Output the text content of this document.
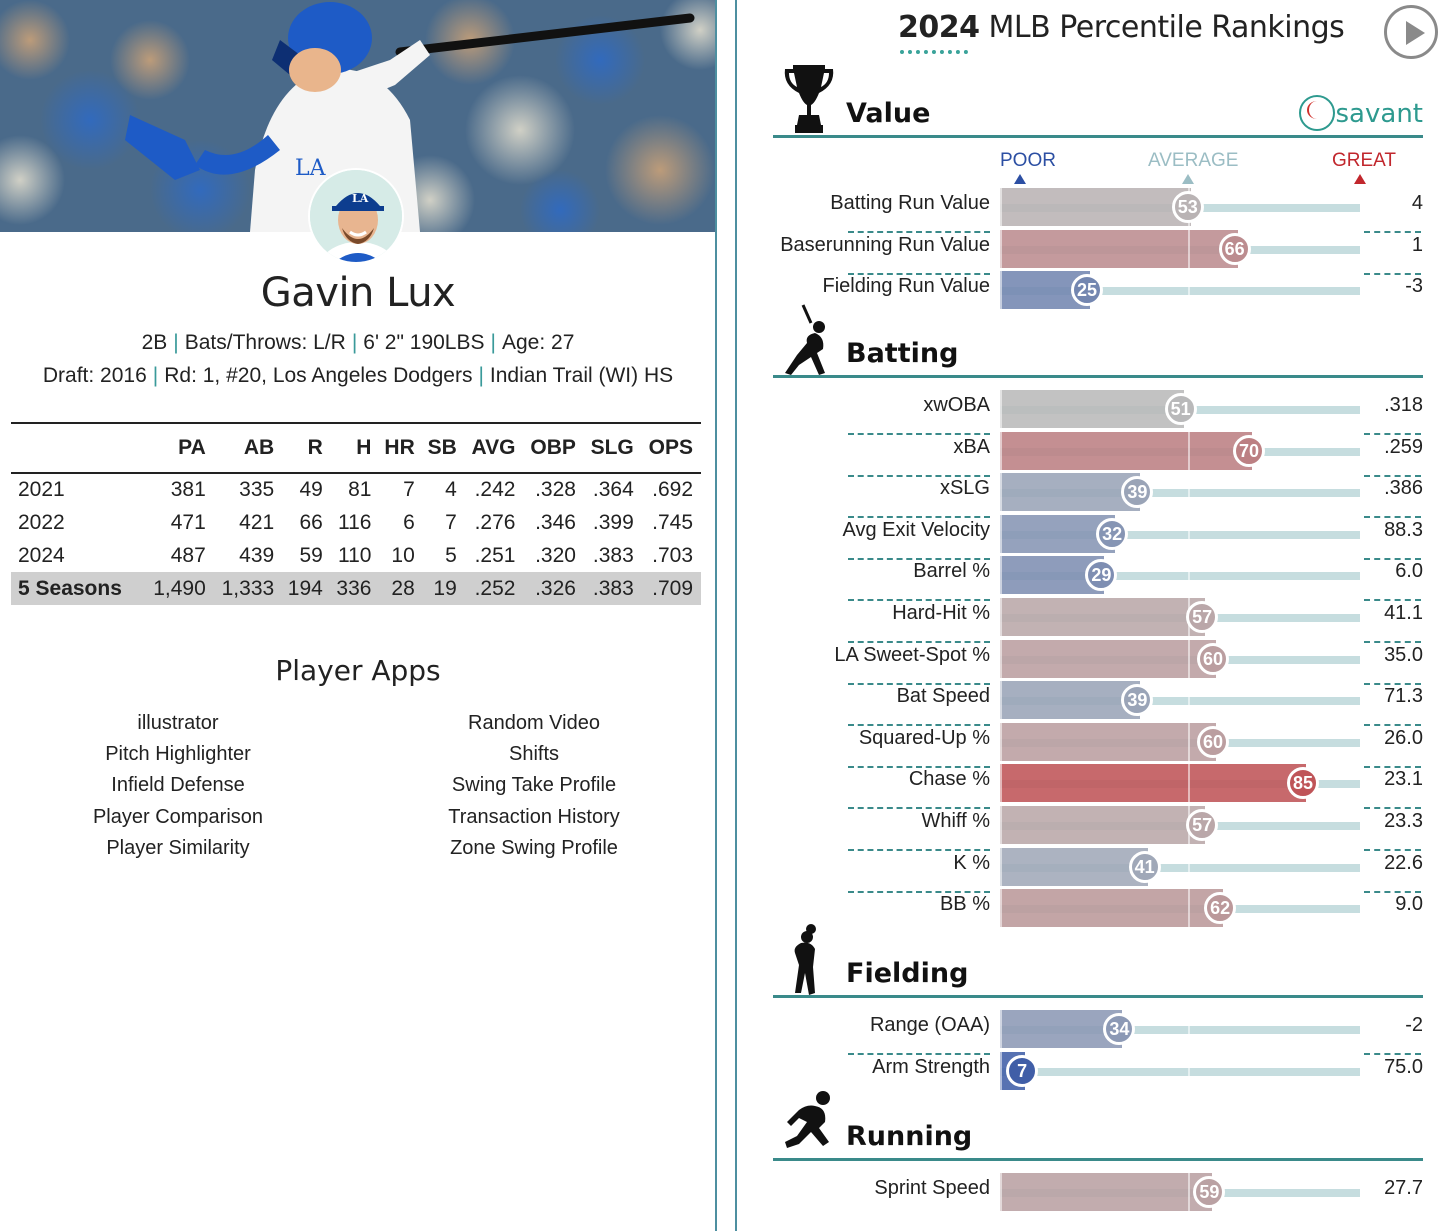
LA
LA
Gavin Lux
2B | Bats/Throws: L/R | 6' 2" 190LBS | Age: 27
Draft: 2016 | Rd: 1, #20, Los Angeles Dodgers | Indian Trail (WI) HS
	PA	AB	R	H	HR	SB	AVG	OBP	SLG	OPS
2021	381	335	49	81	7	4	.242	.328	.364	.692
2022	471	421	66	116	6	7	.276	.346	.399	.745
2024	487	439	59	110	10	5	.251	.320	.383	.703
5 Seasons	1,490	1,333	194	336	28	19	.252	.326	.383	.709
Player Apps
illustrator
Pitch Highlighter
Infield Defense
Player Comparison
Player Similarity
Random Video
Shifts
Swing Take Profile
Transaction History
Zone Swing Profile
2024 MLB Percentile Rankings
Value	savant
POOR	AVERAGE	GREAT
Batting Run Value	53	4
Baserunning Run Value	66	1
Fielding Run Value	25	-3
Batting
xwOBA	51	.318
xBA	70	.259
xSLG	39	.386
Avg Exit Velocity	32	88.3
Barrel %	29	6.0
Hard-Hit %	57	41.1
LA Sweet-Spot %	60	35.0
Bat Speed	39	71.3
Squared-Up %	60	26.0
Chase %	85	23.1
Whiff %	57	23.3
K %	41	22.6
BB %	62	9.0
Fielding
Range (OAA)	34	-2
Arm Strength	7	75.0
Running
Sprint Speed	59	27.7
